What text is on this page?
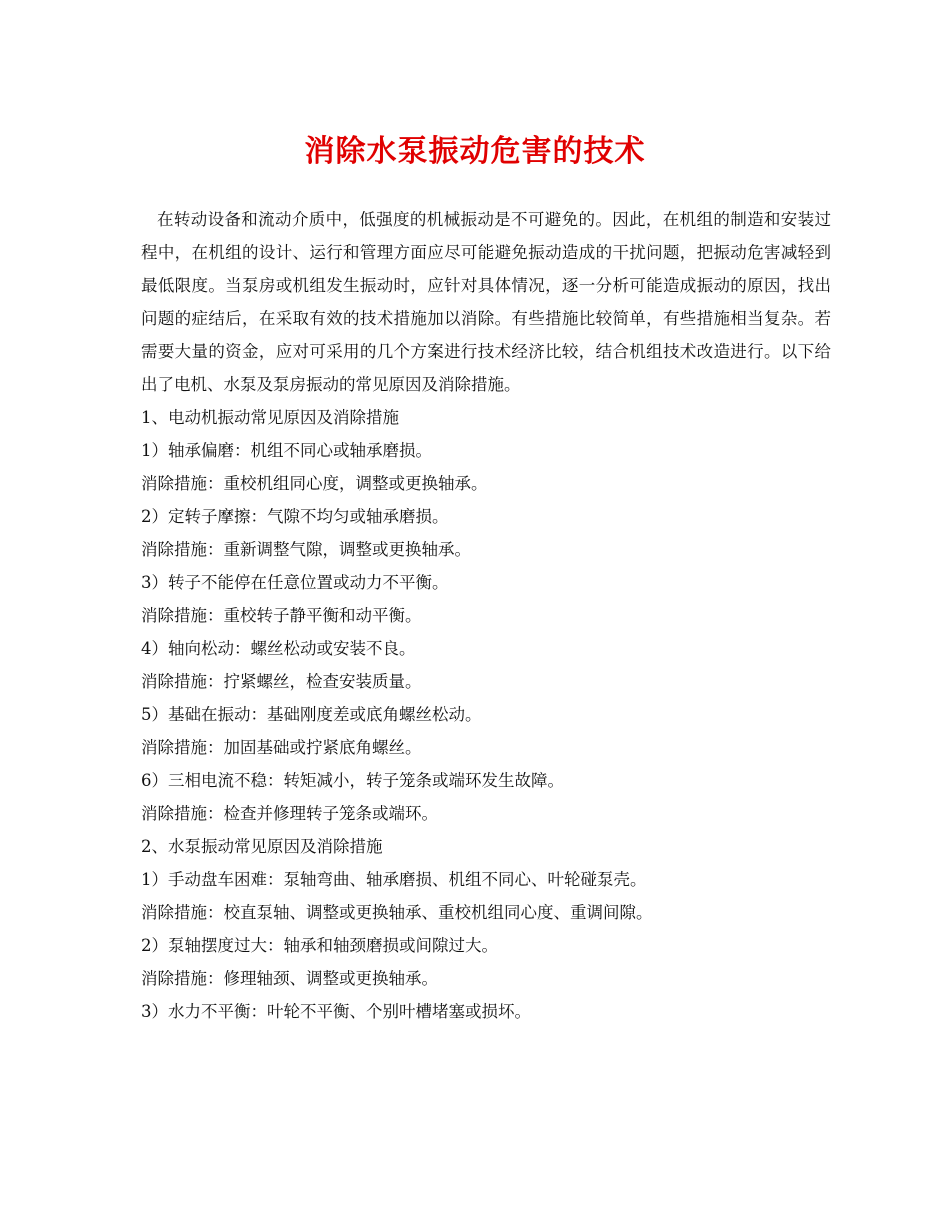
消除水泵振动危害的技术

在转动设备和流动介质中，低强度的机械振动是不可避免的。因此，在机组的制造和安装过程中，在机组的设计、运行和管理方面应尽可能避免振动造成的干扰问题，把振动危害减轻到最低限度。当泵房或机组发生振动时，应针对具体情况，逐一分析可能造成振动的原因，找出问题的症结后，在采取有效的技术措施加以消除。有些措施比较简单，有些措施相当复杂。若需要大量的资金，应对可采用的几个方案进行技术经济比较，结合机组技术改造进行。以下给出了电机、水泵及泵房振动的常见原因及消除措施。

1、电动机振动常见原因及消除措施

1）轴承偏磨：机组不同心或轴承磨损。

消除措施：重校机组同心度，调整或更换轴承。

2）定转子摩擦：气隙不均匀或轴承磨损。

消除措施：重新调整气隙，调整或更换轴承。

3）转子不能停在任意位置或动力不平衡。

消除措施：重校转子静平衡和动平衡。

4）轴向松动：螺丝松动或安装不良。

消除措施：拧紧螺丝，检查安装质量。

5）基础在振动：基础刚度差或底角螺丝松动。

消除措施：加固基础或拧紧底角螺丝。

6）三相电流不稳：转矩减小，转子笼条或端环发生故障。

消除措施：检查并修理转子笼条或端环。

2、水泵振动常见原因及消除措施

1）手动盘车困难：泵轴弯曲、轴承磨损、机组不同心、叶轮碰泵壳。

消除措施：校直泵轴、调整或更换轴承、重校机组同心度、重调间隙。

2）泵轴摆度过大：轴承和轴颈磨损或间隙过大。

消除措施：修理轴颈、调整或更换轴承。

3）水力不平衡：叶轮不平衡、个别叶槽堵塞或损坏。
